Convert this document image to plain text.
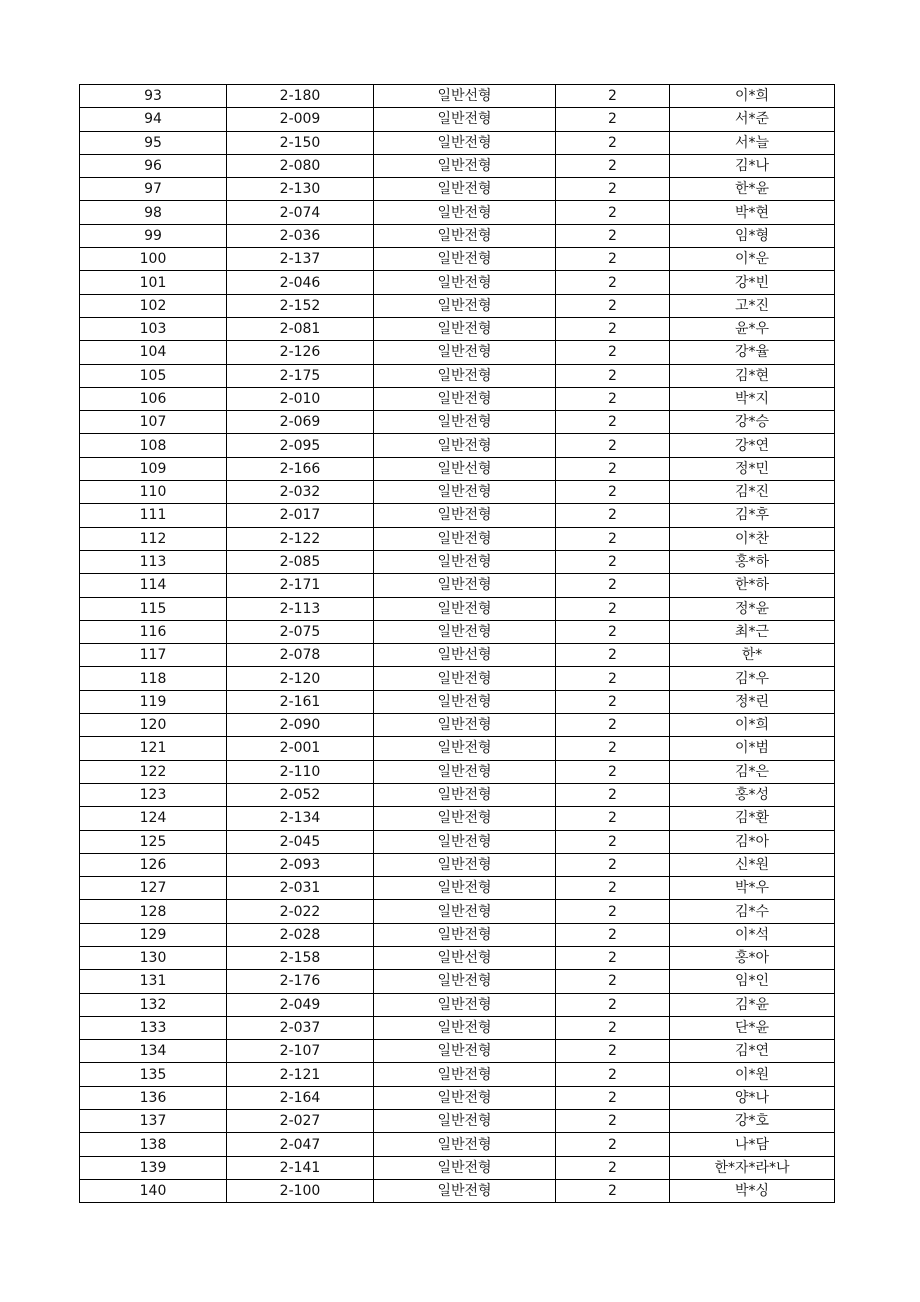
93	2-180	일반선형	2	이*희
94	2-009	일반전형	2	서*준
95	2-150	일반전형	2	서*늘
96	2-080	일반전형	2	김*나
97	2-130	일반전형	2	한*윤
98	2-074	일반전형	2	박*현
99	2-036	일반전형	2	임*형
100	2-137	일반전형	2	이*운
101	2-046	일반전형	2	강*빈
102	2-152	일반전형	2	고*진
103	2-081	일반전형	2	윤*우
104	2-126	일반전형	2	강*율
105	2-175	일반전형	2	김*현
106	2-010	일반전형	2	박*지
107	2-069	일반전형	2	강*승
108	2-095	일반전형	2	강*연
109	2-166	일반선형	2	정*민
110	2-032	일반전형	2	김*진
111	2-017	일반전형	2	김*후
112	2-122	일반전형	2	이*찬
113	2-085	일반전형	2	홍*하
114	2-171	일반전형	2	한*하
115	2-113	일반전형	2	정*윤
116	2-075	일반전형	2	최*근
117	2-078	일반선형	2	한*
118	2-120	일반전형	2	김*우
119	2-161	일반전형	2	정*린
120	2-090	일반전형	2	이*희
121	2-001	일반전형	2	이*범
122	2-110	일반전형	2	김*은
123	2-052	일반전형	2	홍*성
124	2-134	일반전형	2	김*환
125	2-045	일반전형	2	김*아
126	2-093	일반전형	2	신*원
127	2-031	일반전형	2	박*우
128	2-022	일반전형	2	김*수
129	2-028	일반전형	2	이*석
130	2-158	일반선형	2	홍*아
131	2-176	일반전형	2	임*인
132	2-049	일반전형	2	김*윤
133	2-037	일반전형	2	단*윤
134	2-107	일반전형	2	김*연
135	2-121	일반전형	2	이*원
136	2-164	일반전형	2	양*나
137	2-027	일반전형	2	강*호
138	2-047	일반전형	2	나*담
139	2-141	일반전형	2	한*자*라*나
140	2-100	일반전형	2	박*싱
